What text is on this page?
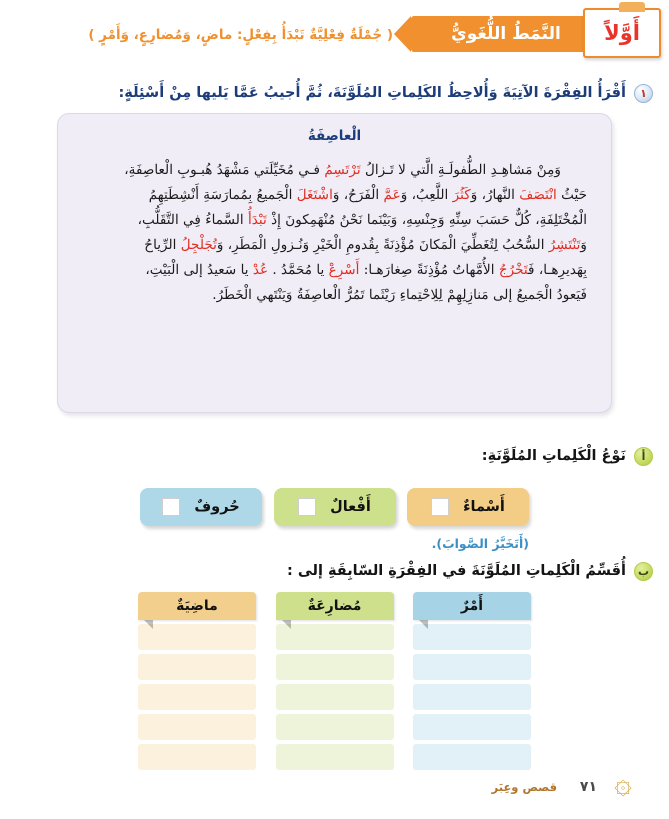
( جُمْلَةٌ فِعْلِيَّةٌ تَبْدَأُ بِفِعْلٍ: ماضٍ، وَمُضارِعٍ، وَأَمْرٍ )	النَّمَطُ اللُّغَويُّ أَوَّلاً
١
أَقْرَأُ الفِقْرَةَ الآتِيَةَ وَأُلاحِظُ الكَلِماتِ المُلَوَّنَةَ، ثُمَّ أُجيبُ عَمَّا يَليها مِنْ أَسْئِلَةٍ:
الْعاصِفَةُ
وَمِنْ مَشاهِـدِ الطُّفولَـةِ الَّتي لا تَـزالُ تَرْتَسِمُ فـي مُخَيِّلَتي مَشْهَدُ هُبـوبِ الْعاصِفَةِ،
حَيْثُ انْتَصَفَ النَّهارُ، وَكَثُرَ اللَّعِبُ، وَعَمَّ الْفَرَحُ، وَاشْتَغَلَ الْجَميعُ بِمُمارَسَةِ أَنْشِطَتِهِمُ
الْمُخْتَلِفَةِ، كُلٌّ حَسَبَ سِنِّهِ وَجِنْسِهِ، وَبَيْنَما نَحْنُ مُنْهَمِكونَ إِذْ تَبْدَأُ السَّماءُ فِي التَّقَلُّبِ،
وَتَنْتَشِرُ السُّحُبُ لِتُغَطِّيَ الْمَكانَ مُؤْذِنَةً بِقُدومِ الْخَيْرِ وَنُـزولِ الْمَطَرِ، وَتُجَلْجِلُ الرِّياحُ
بِهَديرِهـا، فَتَخْرُجُ الأُمَّهاتُ مُؤْذِنَةً صِغارَهـا: أَسْرِعْ يا مُحَمَّدُ . عُدْ يا سَعيدُ إلى الْبَيْتِ،
فَيَعودُ الْجَميعُ إلى مَنازِلِهِمْ لِلِاحْتِماءِ رَيْثَما تَمُرُّ الْعاصِفَةُ وَيَنْتَهي الْخَطَرُ.
أ
نَوْعُ الْكَلِماتِ المُلَوَّنَةِ:
أَسْماءٌ
أَفْعالٌ
حُروفٌ
(أَتَخَيَّرُ الصَّوابَ).
ب
أُقَسِّمُ الْكَلِماتِ المُلَوَّنَةَ في الفِقْرَةِ السّابِقَةِ إلى :
أَمْرٌ
مُضارِعَةٌ
ماضِيَةٌ
۞
٧١
قصص وعِبَر
